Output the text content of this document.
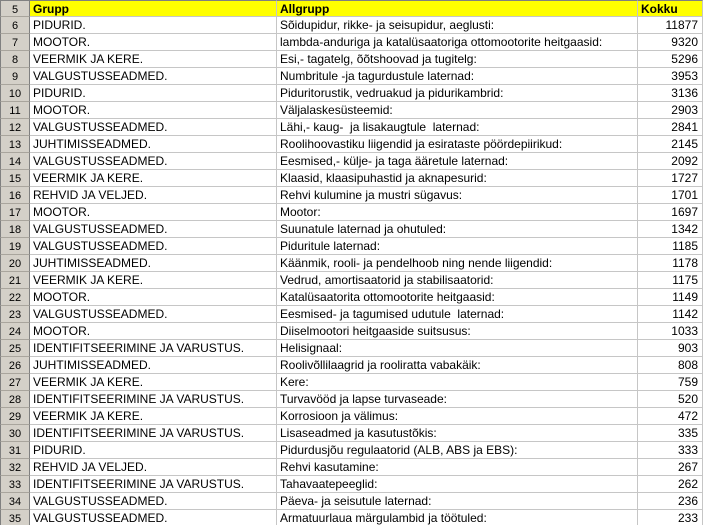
5	Grupp	Allgrupp	Kokku
6	PIDURID.	Sõidupidur, rikke- ja seisupidur, aeglusti:	11877
7	MOOTOR.	lambda-anduriga ja katalüsaatoriga ottomootorite heitgaasid:	9320
8	VEERMIK JA KERE.	Esi,- tagatelg, õõtshoovad ja tugitelg:	5296
9	VALGUSTUSSEADMED.	Numbritule -ja tagurdustule laternad:	3953
10 PIDURID.	Piduritorustik, vedruakud ja pidurikambrid:	3136
11	MOOTOR.	Väljalaskesüsteemid:	2903
12 VALGUSTUSSEADMED.	Lähi,- kaug-  ja lisakaugtule  laternad:	2841
13 JUHTIMISSEADMED.	Roolihoovastiku liigendid ja esirataste pöördepiirikud:	2145
14 VALGUSTUSSEADMED.	Eesmised,- külje- ja taga ääretule laternad:	2092
15 VEERMIK JA KERE.	Klaasid, klaasipuhastid ja aknapesurid:	1727
16 REHVID JA VELJED.	Rehvi kulumine ja mustri sügavus:	1701
17 MOOTOR.	Mootor:	1697
18 VALGUSTUSSEADMED.	Suunatule laternad ja ohutuled:	1342
19 VALGUSTUSSEADMED.	Piduritule laternad:	1185
20 JUHTIMISSEADMED.	Käänmik, rooli- ja pendelhoob ning nende liigendid:	1178
21 VEERMIK JA KERE.	Vedrud, amortisaatorid ja stabilisaatorid:	1175
22 MOOTOR.	Katalüsaatorita ottomootorite heitgaasid:	1149
23 VALGUSTUSSEADMED.	Eesmised- ja tagumised udutule  laternad:	1142
24 MOOTOR.	Diiselmootori heitgaaside suitsusus:	1033
25 IDENTIFITSEERIMINE JA VARUSTUS.	Helisignaal:	903
26 JUHTIMISSEADMED.	Roolivõllilaagrid ja rooliratta vabakäik:	808
27 VEERMIK JA KERE.	Kere:	759
28 IDENTIFITSEERIMINE JA VARUSTUS.	Turvavööd ja lapse turvaseade:	520
29 VEERMIK JA KERE.	Korrosioon ja välimus:	472
30 IDENTIFITSEERIMINE JA VARUSTUS.	Lisaseadmed ja kasutustõkis:	335
31 PIDURID.	Pidurdusjõu regulaatorid (ALB, ABS ja EBS):	333
32 REHVID JA VELJED.	Rehvi kasutamine:	267
33 IDENTIFITSEERIMINE JA VARUSTUS.	Tahavaatepeeglid:	262
34 VALGUSTUSSEADMED.	Päeva- ja seisutule laternad:	236
35 VALGUSTUSSEADMED.	Armatuurlaua märgulambid ja töötuled:	233
